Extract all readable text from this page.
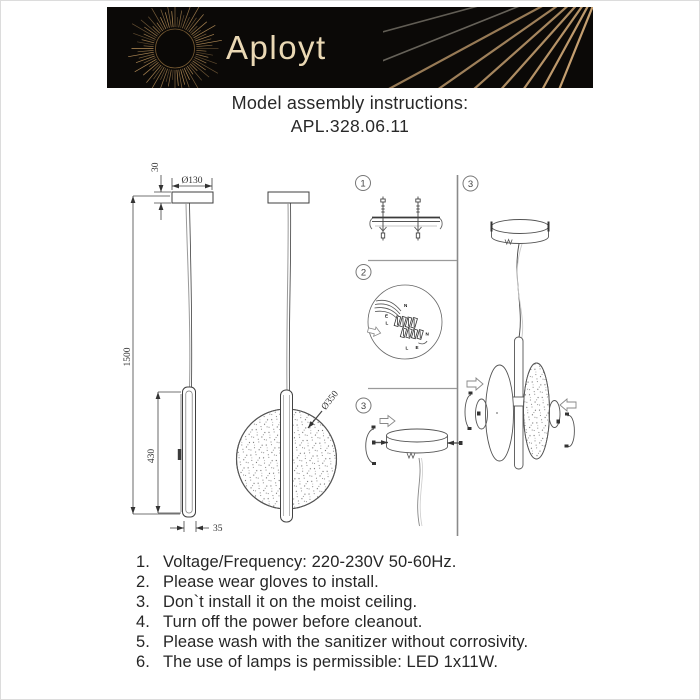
Aployt
Model assembly instructions:
APL.328.06.11
1500
30
Ø130
430
35
Ø350
1
2
3
3
N
E
L
N
L E
1. Voltage/Frequency: 220-230V 50-60Hz.
2. Please wear gloves to install.
3. Don`t install it on the moist ceiling.
4. Turn off the power before cleanout.
5. Please wash with the sanitizer without corrosivity.
6. The use of lamps is permissible: LED 1x11W.
